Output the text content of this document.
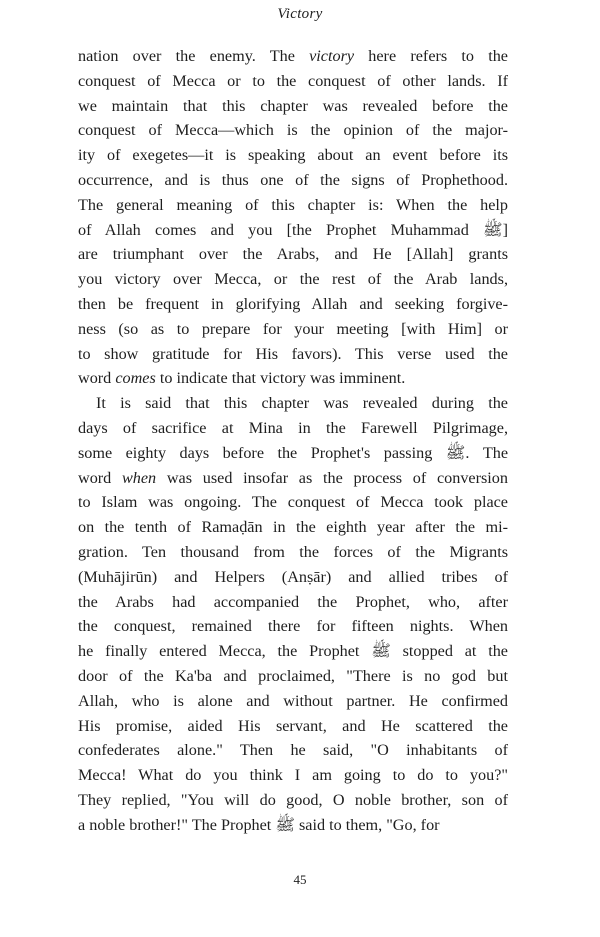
Victory
nation over the enemy. The victory here refers to the
conquest of Mecca or to the conquest of other lands. If
we maintain that this chapter was revealed before the
conquest of Mecca—which is the opinion of the major-
ity of exegetes—it is speaking about an event before its
occurrence, and is thus one of the signs of Prophethood.
The general meaning of this chapter is: When the help
of Allah comes and you [the Prophet Muhammad ﷺ]
are triumphant over the Arabs, and He [Allah] grants
you victory over Mecca, or the rest of the Arab lands,
then be frequent in glorifying Allah and seeking forgive-
ness (so as to prepare for your meeting [with Him] or
to show gratitude for His favors). This verse used the
word comes to indicate that victory was imminent.
It is said that this chapter was revealed during the
days of sacrifice at Mina in the Farewell Pilgrimage,
some eighty days before the Prophet's passing ﷺ. The
word when was used insofar as the process of conversion
to Islam was ongoing. The conquest of Mecca took place
on the tenth of Ramaḍān in the eighth year after the mi-
gration. Ten thousand from the forces of the Migrants
(Muhājirūn) and Helpers (Anṣār) and allied tribes of
the Arabs had accompanied the Prophet, who, after
the conquest, remained there for fifteen nights. When
he finally entered Mecca, the Prophet ﷺ stopped at the
door of the Ka'ba and proclaimed, "There is no god but
Allah, who is alone and without partner. He confirmed
His promise, aided His servant, and He scattered the
confederates alone." Then he said, "O inhabitants of
Mecca! What do you think I am going to do to you?"
They replied, "You will do good, O noble brother, son of
a noble brother!" The Prophet ﷺ said to them, "Go, for
45
